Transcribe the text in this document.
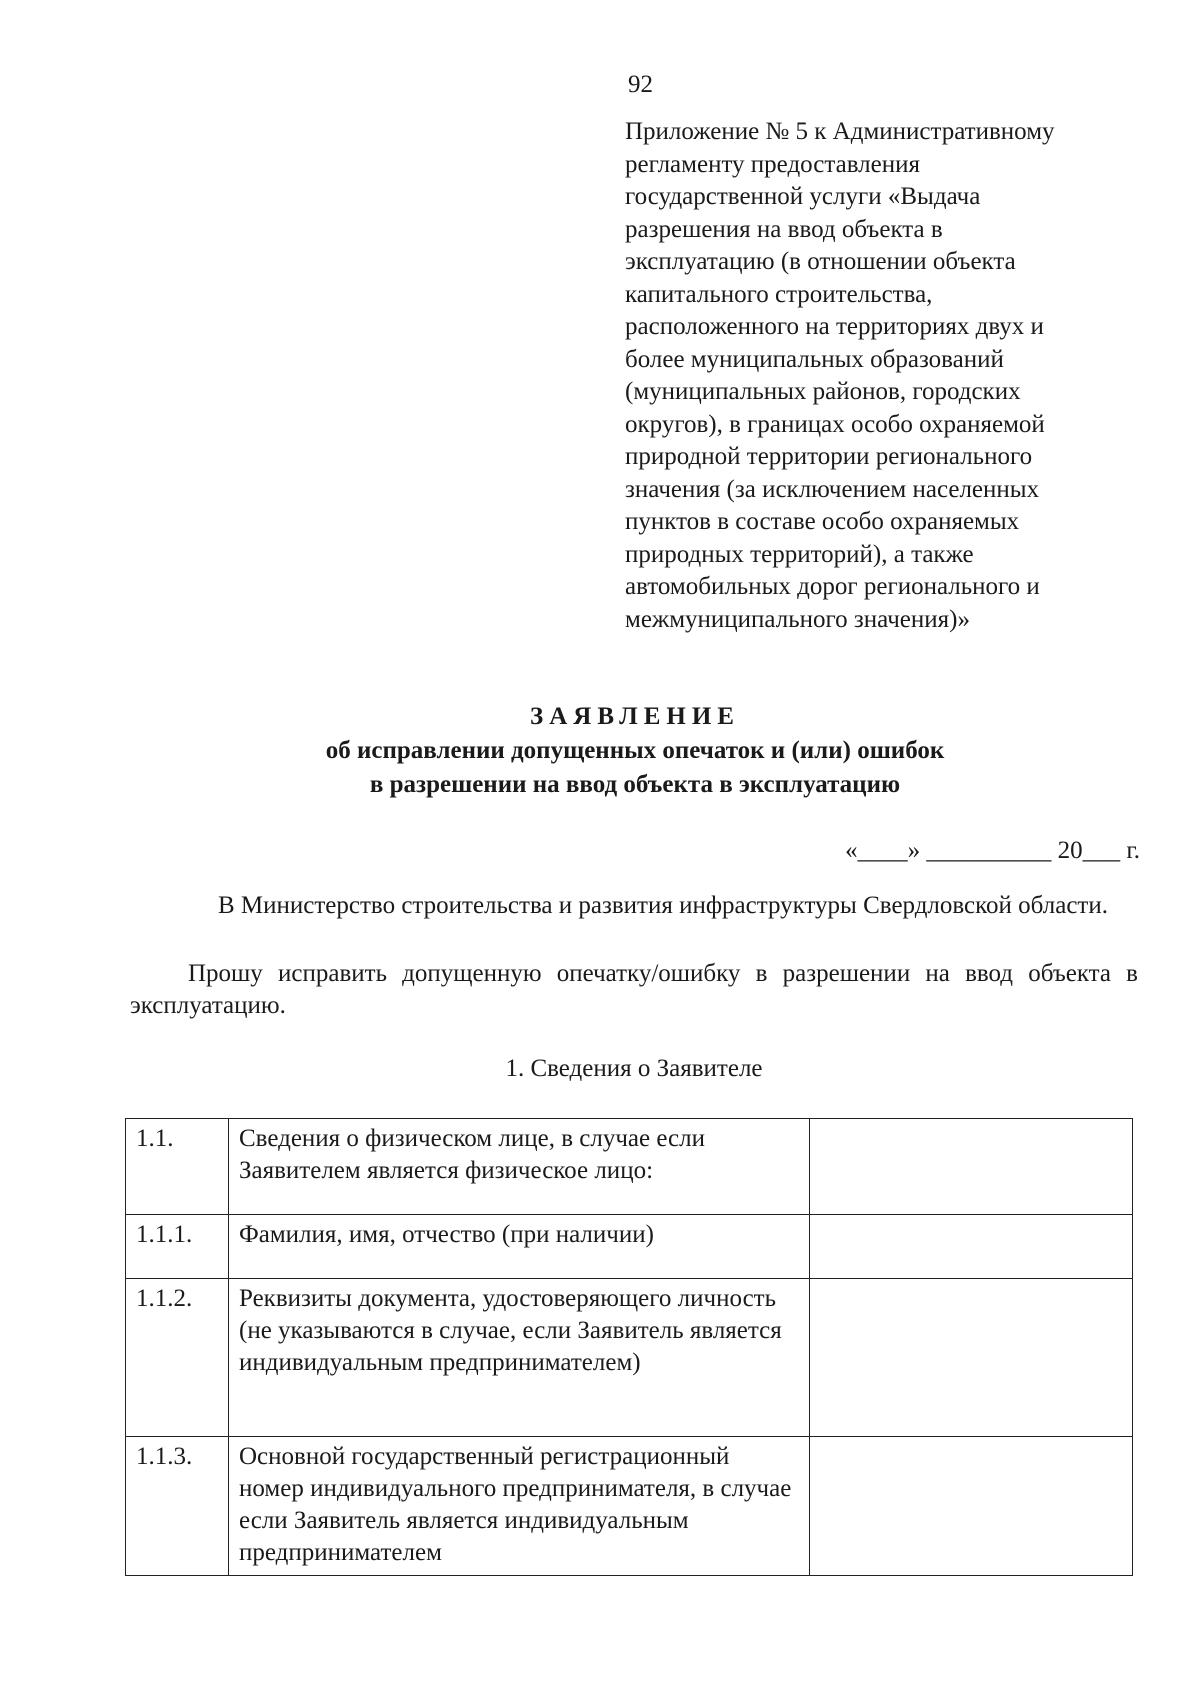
92
Приложение № 5 к Административному
регламенту предоставления
государственной услуги «Выдача
разрешения на ввод объекта в
эксплуатацию (в отношении объекта
капитального строительства,
расположенного на территориях двух и
более муниципальных образований
(муниципальных районов, городских
округов), в границах особо охраняемой
природной территории регионального
значения (за исключением населенных
пунктов в составе особо охраняемых
природных территорий), а также
автомобильных дорог регионального и
межмуниципального значения)»
ЗАЯВЛЕНИЕ
об исправлении допущенных опечаток и (или) ошибок
в разрешении на ввод объекта в эксплуатацию
«____» __________ 20___ г.
В Министерство строительства и развития инфраструктуры Свердловской области.
Прошу исправить допущенную опечатку/ошибку в разрешении на ввод объекта в эксплуатацию.
1. Сведения о Заявителе
1.1.	Сведения о физическом лице, в случае если Заявителем является физическое лицо:	
1.1.1.	Фамилия, имя, отчество (при наличии)	
1.1.2.	Реквизиты документа, удостоверяющего личность (не указываются в случае, если Заявитель является индивидуальным предпринимателем)	
1.1.3.	Основной государственный регистрационный номер индивидуального предпринимателя, в случае если Заявитель является индивидуальным предпринимателем	
